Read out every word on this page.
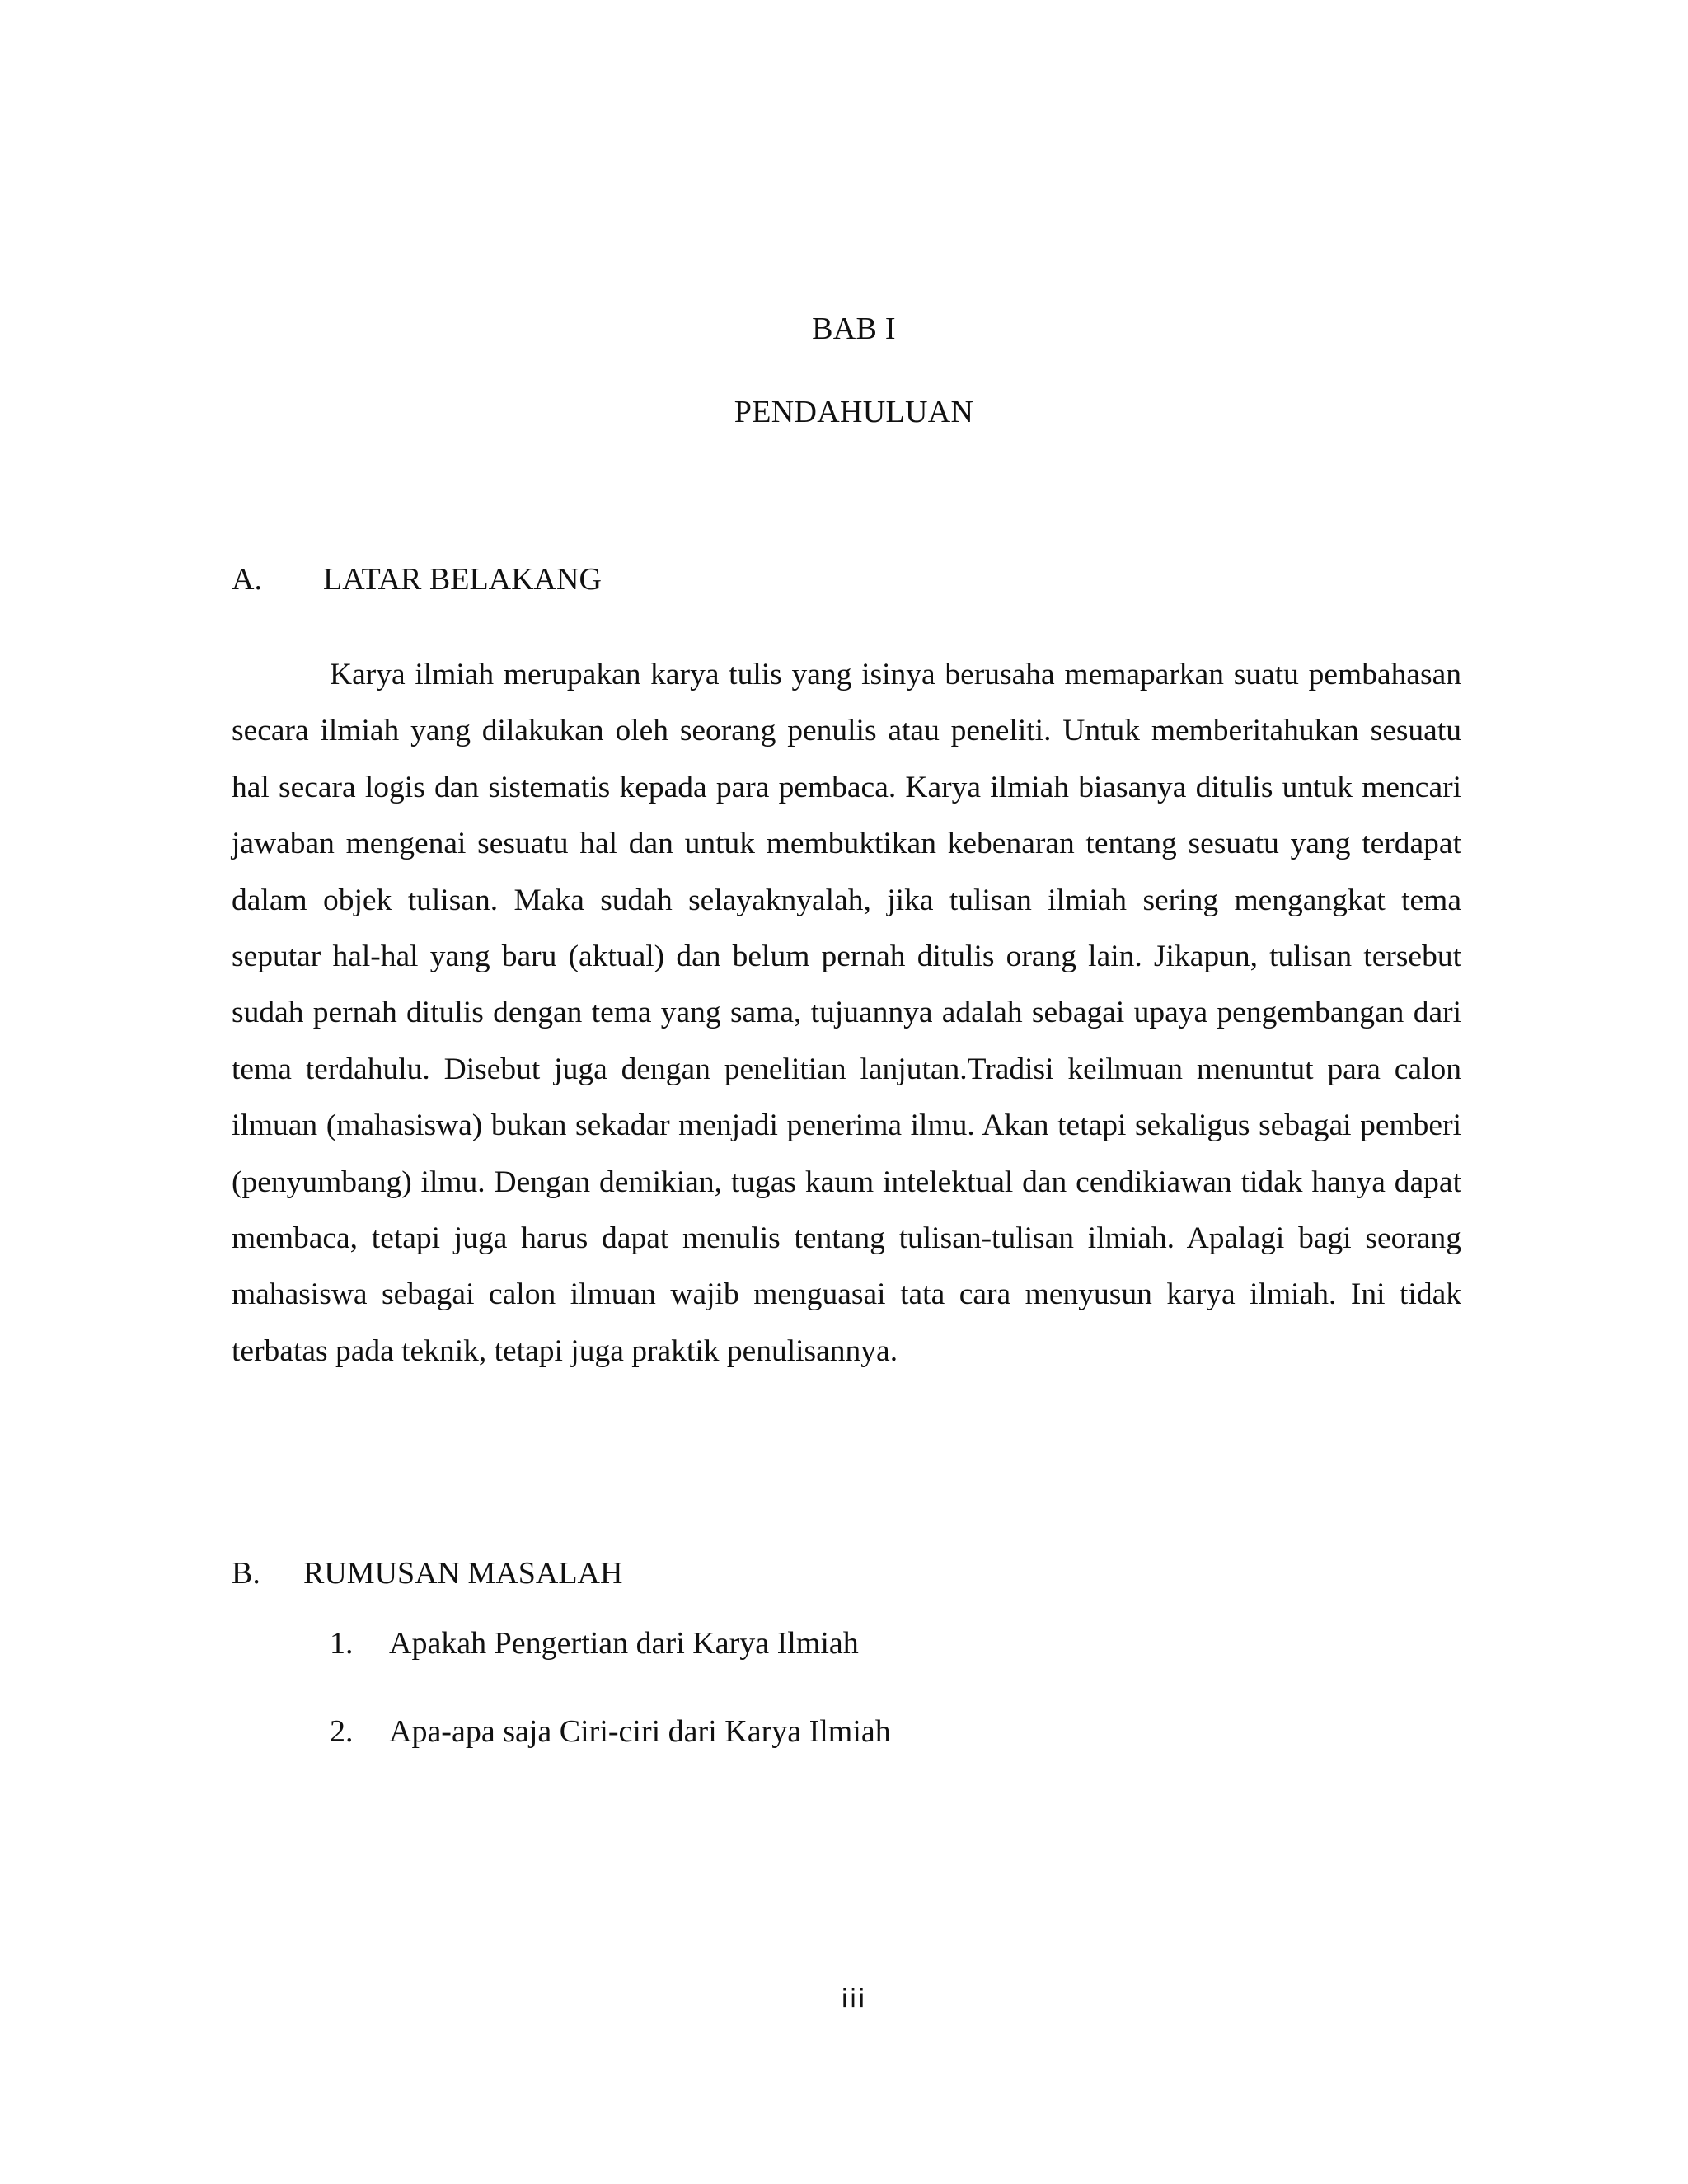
BAB I
PENDAHULUAN
A. LATAR BELAKANG

Karya ilmiah merupakan karya tulis yang isinya berusaha memaparkan suatu pembahasan secara ilmiah yang dilakukan oleh seorang penulis atau peneliti. Untuk memberitahukan sesuatu hal secara logis dan sistematis kepada para pembaca. Karya ilmiah biasanya ditulis untuk mencari jawaban mengenai sesuatu hal dan untuk membuktikan kebenaran tentang sesuatu yang terdapat dalam objek tulisan. Maka sudah selayaknyalah, jika tulisan ilmiah sering mengangkat tema seputar hal-hal yang baru (aktual) dan belum pernah ditulis orang lain. Jikapun, tulisan tersebut sudah pernah ditulis dengan tema yang sama, tujuannya adalah sebagai upaya pengembangan dari tema terdahulu. Disebut juga dengan penelitian lanjutan.Tradisi keilmuan menuntut para calon ilmuan (mahasiswa) bukan sekadar menjadi penerima ilmu. Akan tetapi sekaligus sebagai pemberi (penyumbang) ilmu. Dengan demikian, tugas kaum intelektual dan cendikiawan tidak hanya dapat membaca, tetapi juga harus dapat menulis tentang tulisan-tulisan ilmiah. Apalagi bagi seorang mahasiswa sebagai calon ilmuan wajib menguasai tata cara menyusun karya ilmiah. Ini tidak terbatas pada teknik, tetapi juga praktik penulisannya.

B. RUMUSAN MASALAH
1. Apakah Pengertian dari Karya Ilmiah
2. Apa-apa saja Ciri-ciri dari Karya Ilmiah
iii
